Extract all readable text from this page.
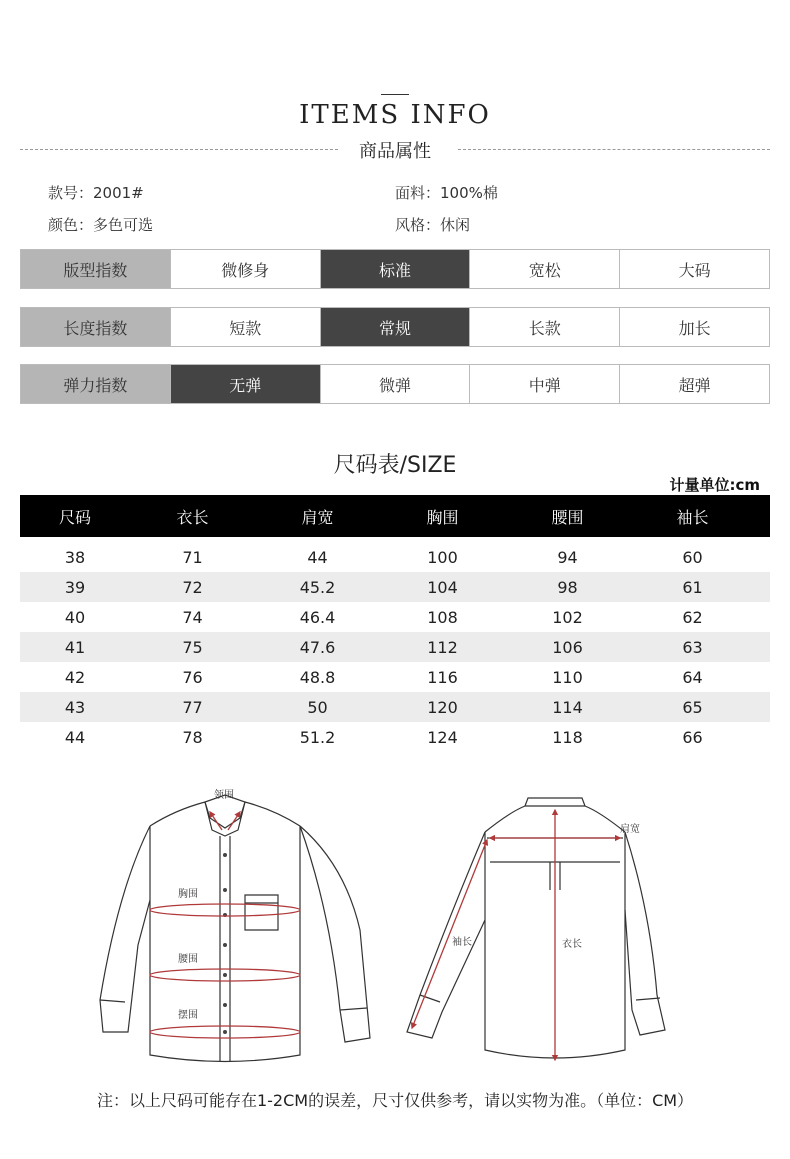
ITEMS INFO
商品属性
款号：2001#	面料：100%棉
颜色：多色可选	风格：休闲
版型指数	微修身	标准	宽松	大码
长度指数	短款	常规	长款	加长
弹力指数	无弹	微弹	中弹	超弹
尺码表/SIZE
计量单位:cm
尺码	衣长	肩宽	胸围	腰围	袖长
38	71	44	100	94	60
39	72	45.2	104	98	61
40	74	46.4	108	102	62
41	75	47.6	112	106	63
42	76	48.8	116	110	64
43	77	50	120	114	65
44	78	51.2	124	118	66
领围
胸围
腰围
摆围
肩宽
袖长	衣长
注：以上尺码可能存在1-2CM的误差，尺寸仅供参考，请以实物为准。（单位：CM）
